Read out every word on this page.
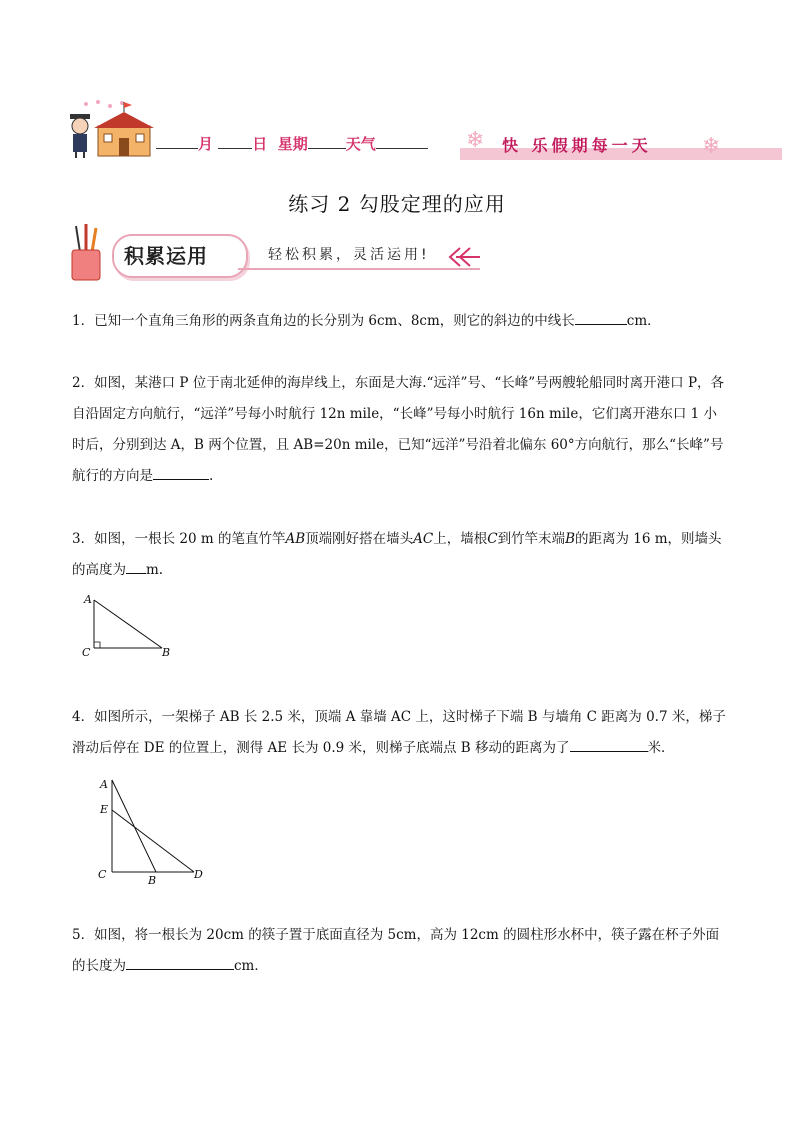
月	日 星期	天气	❄ 快 乐假期每一天 ❄
练习 2 勾股定理的应用
积累运用	轻松积累，灵活运用!

1．已知一个直角三角形的两条直角边的长分别为 6cm、8cm，则它的斜边的中线长	cm．

2．如图，某港口 P 位于南北延伸的海岸线上，东面是大海.“远洋”号、“长峰”号两艘轮船同时离开港口 P，各自沿固定方向航行，“远洋”号每小时航行 12n mile，“长峰”号每小时航行 16n mile，它们离开港东口 1 小时后，分别到达 A，B 两个位置，且 AB=20n mile，已知“远洋”号沿着北偏东 60°方向航行，那么“长峰”号航行的方向是	.

3．如图，一根长 20 m 的笔直竹竿AB顶端刚好搭在墙头AC上，墙根C到竹竿末端B的距离为 16 m，则墙头的高度为 m.

A
C	B

4．如图所示，一架梯子 AB 长 2.5 米，顶端 A 靠墙 AC 上，这时梯子下端 B 与墙角 C 距离为 0.7 米，梯子滑动后停在 DE 的位置上，测得 AE 长为 0.9 米，则梯子底端点 B 移动的距离为了	米．

A
E
C	B	D

5．如图，将一根长为 20cm 的筷子置于底面直径为 5cm，高为 12cm 的圆柱形水杯中，筷子露在杯子外面的长度为	cm．
